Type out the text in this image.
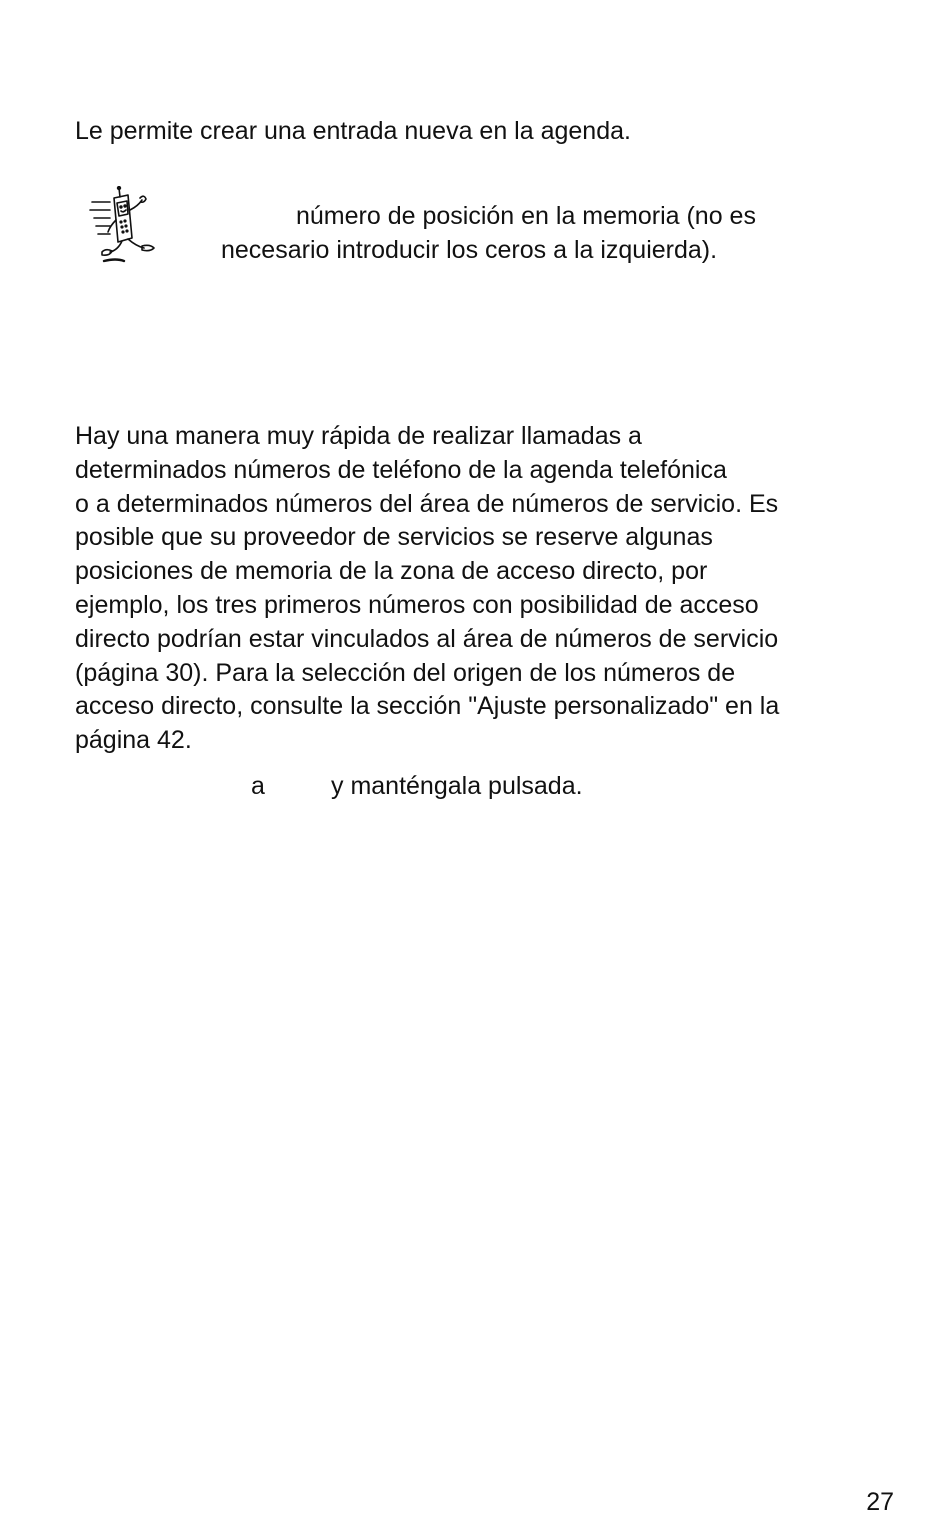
Le permite crear una entrada nueva en la agenda.
número de posición en la memoria (no es
necesario introducir los ceros a la izquierda).
Hay una manera muy rápida de realizar llamadas a
determinados números de teléfono de la agenda telefónica
o a determinados números del área de números de servicio. Es
posible que su proveedor de servicios se reserve algunas
posiciones de memoria de la zona de acceso directo, por
ejemplo, los tres primeros números con posibilidad de acceso
directo podrían estar vinculados al área de números de servicio
(página 30). Para la selección del origen de los números de
acceso directo, consulte la sección "Ajuste personalizado" en la
página 42.
a	y manténgala pulsada.
27
